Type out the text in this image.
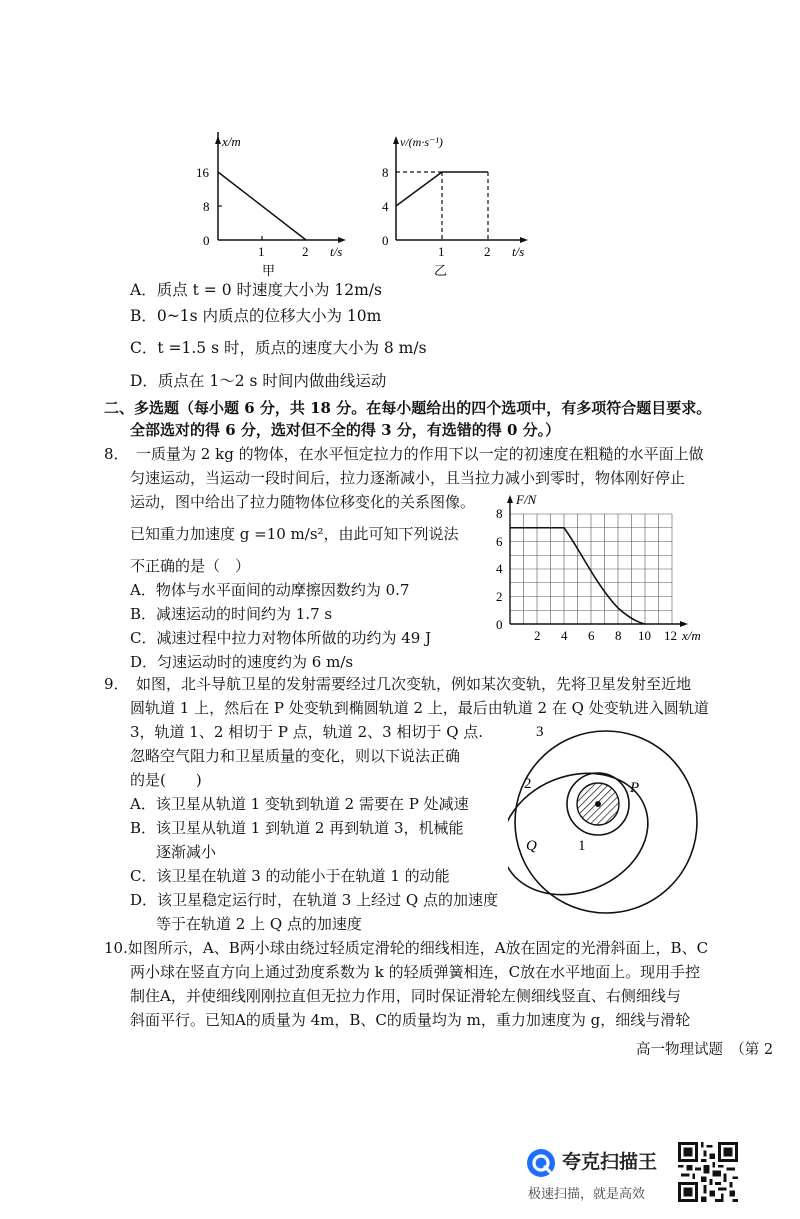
x/m
16
8
0
1	2 t/s
甲
v/(m·s⁻¹)
8
4
0
1	2 t/s
乙
A．质点 t = 0 时速度大小为 12m/s
B．0~1s 内质点的位移大小为 10m
C．t =1.5 s 时，质点的速度大小为 8 m/s
D．质点在 1～2 s 时间内做曲线运动
二、多选题（每小题 6 分，共 18 分。在每小题给出的四个选项中，有多项符合题目要求。
全部选对的得 6 分，选对但不全的得 3 分，有选错的得 0 分。）
8．　一质量为 2 kg 的物体，在水平恒定拉力的作用下以一定的初速度在粗糙的水平面上做
匀速运动，当运动一段时间后，拉力逐渐减小，且当拉力减小到零时，物体刚好停止
运动，图中给出了拉力随物体位移变化的关系图像。
已知重力加速度 g =10 m/s²，由此可知下列说法
不正确的是（　）
A．物体与水平面间的动摩擦因数约为 0.7
B．减速运动的时间约为 1.7 s
C．减速过程中拉力对物体所做的功约为 49 J
D．匀速运动时的速度约为 6 m/s
F/N
8
6
4
2
0
2 4 6 8 10 12 x/m
9．　如图，北斗导航卫星的发射需要经过几次变轨，例如某次变轨，先将卫星发射至近地
圆轨道 1 上，然后在 P 处变轨到椭圆轨道 2 上，最后由轨道 2 在 Q 处变轨进入圆轨道
3，轨道 1、2 相切于 P 点，轨道 2、3 相切于 Q 点.
忽略空气阻力和卫星质量的变化，则以下说法正确
的是(　　)
A．该卫星从轨道 1 变轨到轨道 2 需要在 P 处减速
B．该卫星从轨道 1 到轨道 2 再到轨道 3，机械能
逐渐减小
C．该卫星在轨道 3 的动能小于在轨道 1 的动能
D．该卫星稳定运行时，在轨道 3 上经过 Q 点的加速度
等于在轨道 2 上 Q 点的加速度
3
2	P
Q	1
10.如图所示，A、B两小球由绕过轻质定滑轮的细线相连，A放在固定的光滑斜面上，B、C
两小球在竖直方向上通过劲度系数为 k 的轻质弹簧相连，C放在水平地面上。现用手控
制住A，并使细线刚刚拉直但无拉力作用，同时保证滑轮左侧细线竖直、右侧细线与
斜面平行。已知A的质量为 4m，B、C的质量均为 m，重力加速度为 g，细线与滑轮
高一物理试题　（第 2
夸克扫描王
极速扫描，就是高效
